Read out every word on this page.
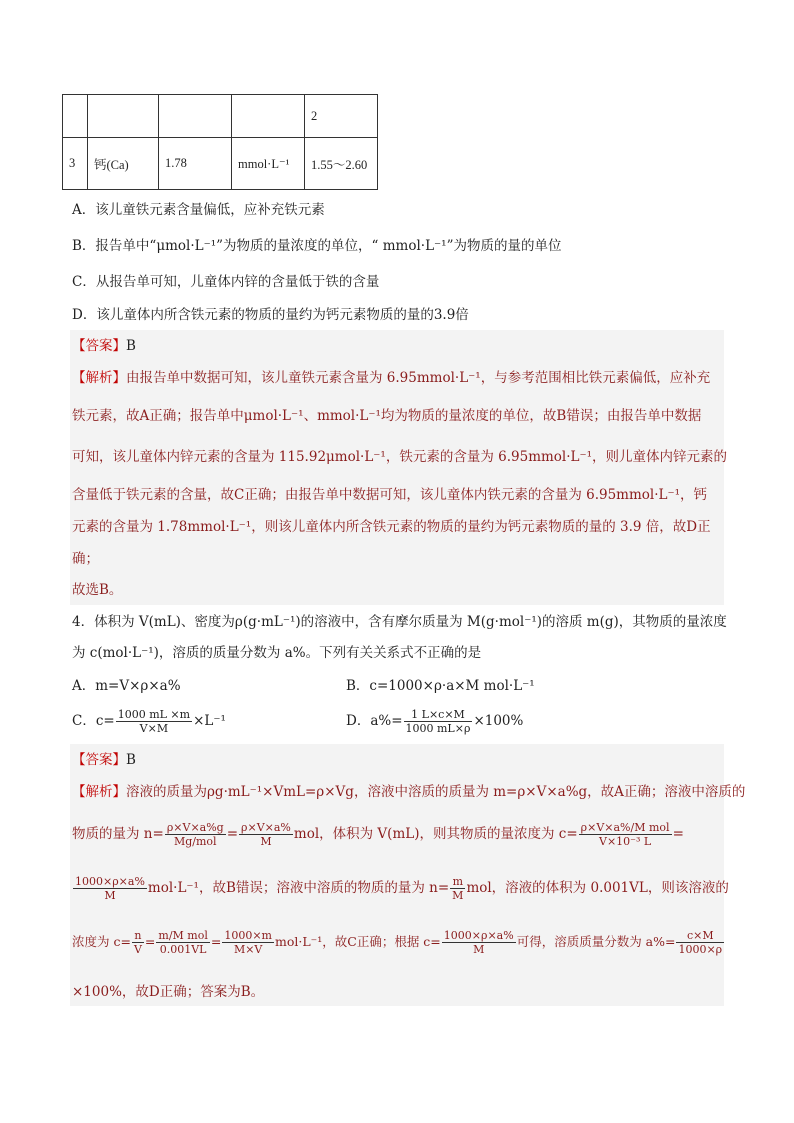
				2
3	钙(Ca)	1.78	mmol·L⁻¹	1.55～2.60
A．该儿童铁元素含量偏低，应补充铁元素
B．报告单中“μmol·L⁻¹”为物质的量浓度的单位，“ mmol·L⁻¹”为物质的量的单位
C．从报告单可知，儿童体内锌的含量低于铁的含量
D．该儿童体内所含铁元素的物质的量约为钙元素物质的量的3.9倍
【答案】B
【解析】由报告单中数据可知，该儿童铁元素含量为 6.95mmol·L⁻¹，与参考范围相比铁元素偏低，应补充
铁元素，故A正确；报告单中μmol·L⁻¹、mmol·L⁻¹均为物质的量浓度的单位，故B错误；由报告单中数据
可知，该儿童体内锌元素的含量为 115.92μmol·L⁻¹，铁元素的含量为 6.95mmol·L⁻¹，则儿童体内锌元素的
含量低于铁元素的含量，故C正确；由报告单中数据可知，该儿童体内铁元素的含量为 6.95mmol·L⁻¹，钙
元素的含量为 1.78mmol·L⁻¹，则该儿童体内所含铁元素的物质的量约为钙元素物质的量的 3.9 倍，故D正
确；
故选B。
4．体积为 V(mL)、密度为ρ(g·mL⁻¹)的溶液中，含有摩尔质量为 M(g·mol⁻¹)的溶质 m(g)，其物质的量浓度
为 c(mol·L⁻¹)，溶质的质量分数为 a%。下列有关关系式不正确的是
A．m=V×ρ×a%	B．c=1000×ρ·a×M mol·L⁻¹
C．$c= \frac{1000 mL \times m}{V\times M} \times L^{-1}$	D．$a\%= \frac{1 L\times c\times M}{1000 mL\times\rho} \times 100\%$
【答案】B
【解析】溶液的质量为ρg·mL⁻¹×VmL=ρ×Vg，溶液中溶质的质量为 m=ρ×V×a%g，故A正确；溶液中溶质的
物质的量为 $n= \frac{\rho\times V\times a\%g}{\text{Mg/mol}} = \frac{\rho\times V\times a\%}{M}$ mol，体积为 V(mL)，则其物质的量浓度为 $c= \frac{\text{ρ×V×a\%/M mol}}{\text{V×10⁻³ L}}$ =
$\frac{1000\times\rho\times a\%}{M} mol\cdot L^{-1}$，故B错误；溶液中溶质的物质的量为 $n= \frac{m}{M}$ mol，溶液的体积为 0.001VL，则该溶液的
浓度为 $c= \frac{n}{V} = \frac{\text{m/M mol}}{0.001VL} = \frac{1000\times m}{M\times V} mol\cdot L^{-1}$，故C正确；根据 $c= \frac{1000\times\rho\times a\%}{M}$ 可得，溶质质量分数为 $a\%= \frac{c\times M}{1000\times\rho}$
×100%，故D正确；答案为B。
